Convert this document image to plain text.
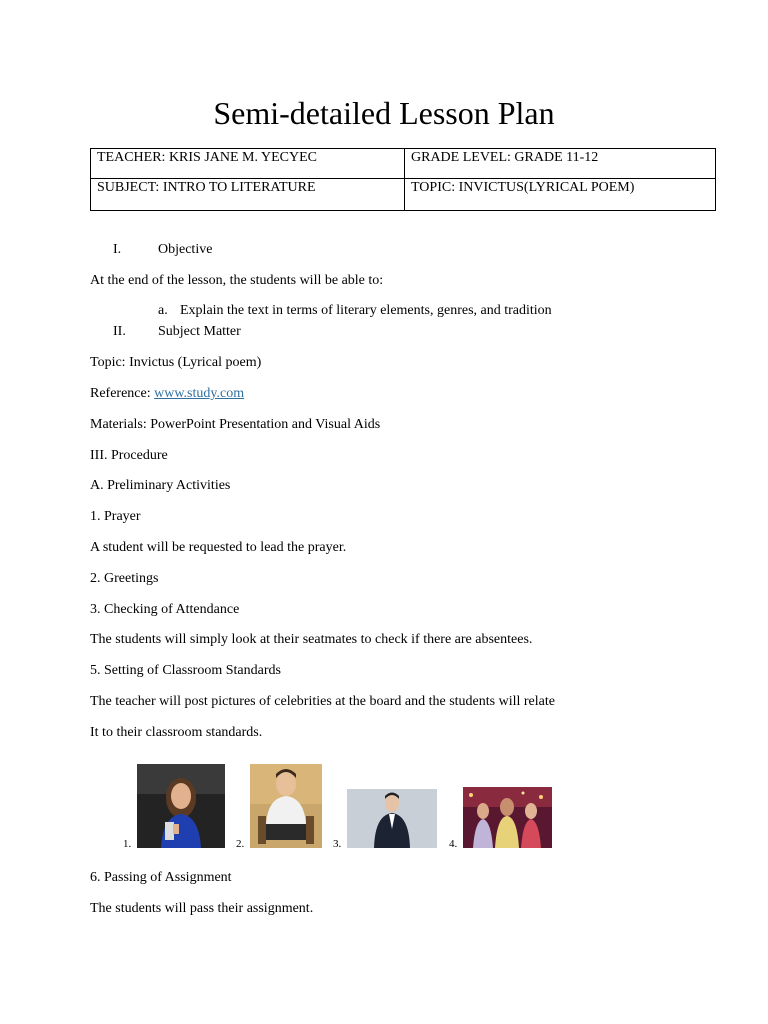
Semi-detailed Lesson Plan
TEACHER: KRIS JANE M. YECYEC	GRADE LEVEL: GRADE 11-12
SUBJECT: INTRO TO LITERATURE	TOPIC: INVICTUS(LYRICAL POEM)
I.	Objective
At the end of the lesson, the students will be able to:
a. Explain the text in terms of literary elements, genres, and tradition
II. Subject Matter
Topic: Invictus (Lyrical poem)
Reference: www.study.com
Materials: PowerPoint Presentation and Visual Aids
III. Procedure
A. Preliminary Activities
1. Prayer
A student will be requested to lead the prayer.
2. Greetings
3. Checking of Attendance
The students will simply look at their seatmates to check if there are absentees.
5. Setting of Classroom Standards
The teacher will post pictures of celebrities at the board and the students will relate
It to their classroom standards.
1.	2.	3.	4.
6. Passing of Assignment
The students will pass their assignment.
